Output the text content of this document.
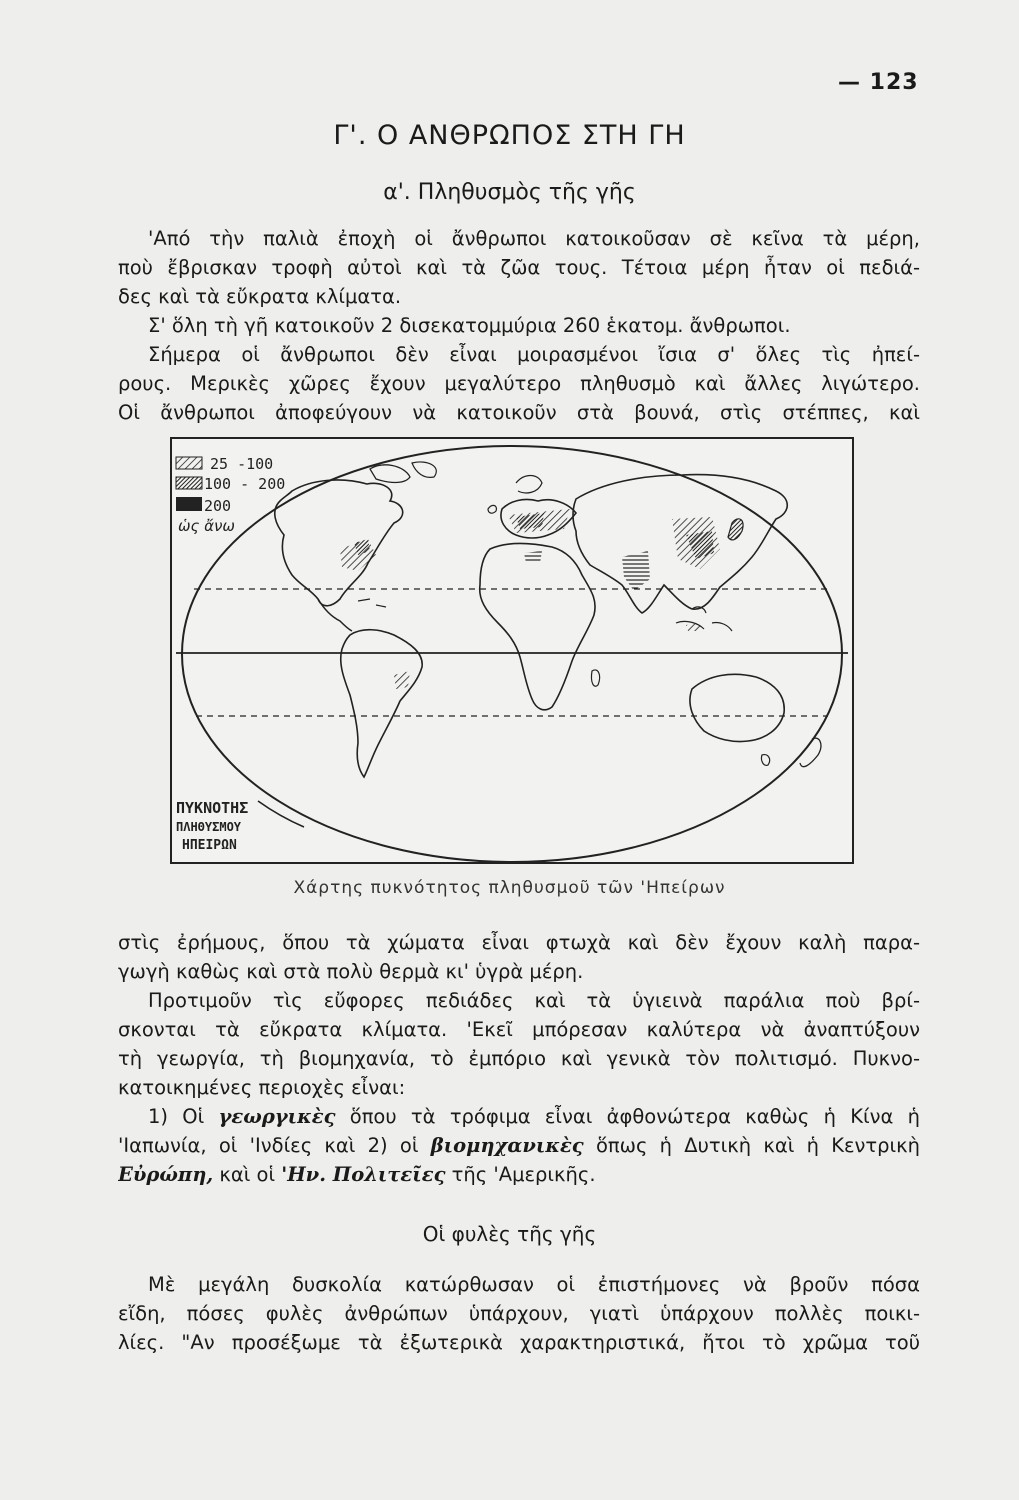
— 123
Γ'. Ο ΑΝΘΡΩΠΟΣ ΣΤΗ ΓΗ
α'. Πληθυσμὸς τῆς γῆς
'Από τὴν παλιὰ ἐποχὴ οἱ ἄνθρωποι κατοικοῦσαν σὲ κεῖνα τὰ μέρη,
ποὺ ἔβρισκαν τροφὴ αὐτοὶ καὶ τὰ ζῶα τους. Τέτοια μέρη ἦταν οἱ πεδιά-
δες καὶ τὰ εὔκρατα κλίματα.
Σ' ὅλη τὴ γῆ κατοικοῦν 2 δισεκατομμύρια 260 ἑκατομ. ἄνθρωποι.
Σήμερα οἱ ἄνθρωποι δὲν εἶναι μοιρασμένοι ἴσια σ' ὅλες τὶς ἠπεί-
ρους. Μερικὲς χῶρες ἔχουν μεγαλύτερο πληθυσμὸ καὶ ἄλλες λιγώτερο.
Οἱ ἄνθρωποι ἀποφεύγουν νὰ κατοικοῦν στὰ βουνά, στὶς στέππες, καὶ
25 -100
100 - 200
200
ὡς ἄνω
ΠΥΚΝΟΤΗΣ
ΠΛΗΘΥΣΜΟΥ
ΗΠΕΙΡΩΝ
Χάρτης πυκνότητος πληθυσμοῦ τῶν 'Ηπείρων
στὶς ἐρήμους, ὅπου τὰ χώματα εἶναι φτωχὰ καὶ δὲν ἔχουν καλὴ παρα-
γωγὴ καθὼς καὶ στὰ πολὺ θερμὰ κι' ὑγρὰ μέρη.
Προτιμοῦν τὶς εὔφορες πεδιάδες καὶ τὰ ὑγιεινὰ παράλια ποὺ βρί-
σκονται τὰ εὔκρατα κλίματα. 'Εκεῖ μπόρεσαν καλύτερα νὰ ἀναπτύξουν
τὴ γεωργία, τὴ βιομηχανία, τὸ ἐμπόριο καὶ γενικὰ τὸν πολιτισμό. Πυκνο-
κατοικημένες περιοχὲς εἶναι:
1) Οἱ γεωργικὲς ὅπου τὰ τρόφιμα εἶναι ἀφθονώτερα καθὼς ἡ Κίνα ἡ
'Ιαπωνία, οἱ 'Ινδίες καὶ 2) οἱ βιομηχανικὲς ὅπως ἡ Δυτικὴ καὶ ἡ Κεντρικὴ
Εὐρώπη, καὶ οἱ 'Ην. Πολιτεῖες τῆς 'Αμερικῆς.
Οἱ φυλὲς τῆς γῆς
Μὲ μεγάλη δυσκολία κατώρθωσαν οἱ ἐπιστήμονες νὰ βροῦν πόσα
εἴδη, πόσες φυλὲς ἀνθρώπων ὑπάρχουν, γιατὶ ὑπάρχουν πολλὲς ποικι-
λίες. "Αν προσέξωμε τὰ ἐξωτερικὰ χαρακτηριστικά, ἤτοι τὸ χρῶμα τοῦ
